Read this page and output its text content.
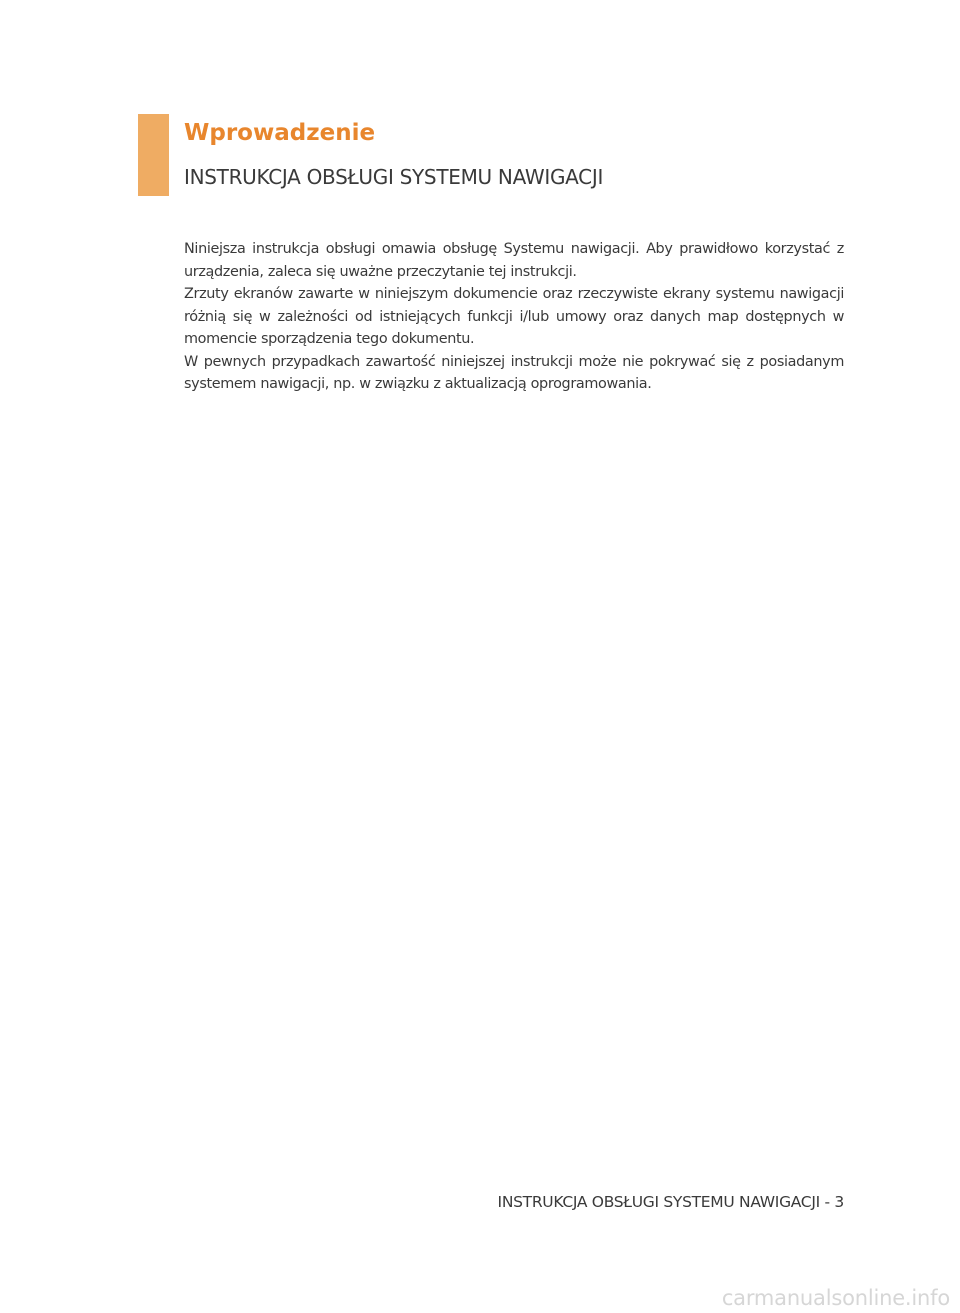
Wprowadzenie
INSTRUKCJA OBSŁUGI SYSTEMU NAWIGACJI

Niniejsza instrukcja obsługi omawia obsługę Systemu nawigacji. Aby prawidłowo korzystać z urządzenia, zaleca się uważne przeczytanie tej instrukcji.

Zrzuty ekranów zawarte w niniejszym dokumencie oraz rzeczywiste ekrany systemu nawigacji różnią się w zależności od istniejących funkcji i/lub umowy oraz danych map dostępnych w momencie sporządzenia tego dokumentu.

W pewnych przypadkach zawartość niniejszej instrukcji może nie pokrywać się z posiadanym systemem nawigacji, np. w związku z aktualizacją oprogramowania.

INSTRUKCJA OBSŁUGI SYSTEMU NAWIGACJI - 3
carmanualsonline.info
